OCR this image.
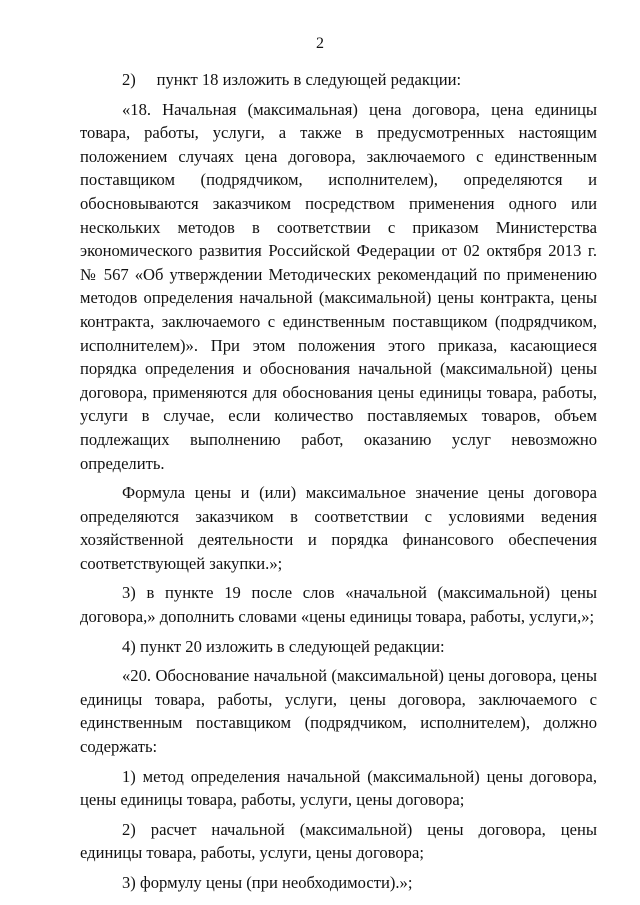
2

2)     пункт 18 изложить в следующей редакции:

«18. Начальная (максимальная) цена договора, цена единицы товара, работы, услуги, а также в предусмотренных настоящим положением случаях цена договора, заключаемого с единственным поставщиком (подрядчиком, исполнителем), определяются и обосновываются заказчиком посредством применения одного или нескольких методов в соответствии с приказом Министерства экономического развития Российской Федерации от 02 октября 2013 г. № 567 «Об утверждении Методических рекомендаций по применению методов определения начальной (максимальной) цены контракта, цены контракта, заключаемого с единственным поставщиком (подрядчиком, исполнителем)». При этом положения этого приказа, касающиеся порядка определения и обоснования начальной (максимальной) цены договора, применяются для обоснования цены единицы товара, работы, услуги в случае, если количество поставляемых товаров, объем подлежащих выполнению работ, оказанию услуг невозможно определить.

Формула цены и (или) максимальное значение цены договора определяются заказчиком в соответствии с условиями ведения хозяйственной деятельности и порядка финансового обеспечения соответствующей закупки.»;

3) в пункте 19 после слов «начальной (максимальной) цены договора,» дополнить словами «цены единицы товара, работы, услуги,»;

4) пункт 20 изложить в следующей редакции:

«20. Обоснование начальной (максимальной) цены договора, цены единицы товара, работы, услуги, цены договора, заключаемого с единственным поставщиком (подрядчиком, исполнителем), должно содержать:

1) метод определения начальной (максимальной) цены договора, цены единицы товара, работы, услуги, цены договора;

2) расчет начальной (максимальной) цены договора, цены единицы товара, работы, услуги, цены договора;

3) формулу цены (при необходимости).»;
